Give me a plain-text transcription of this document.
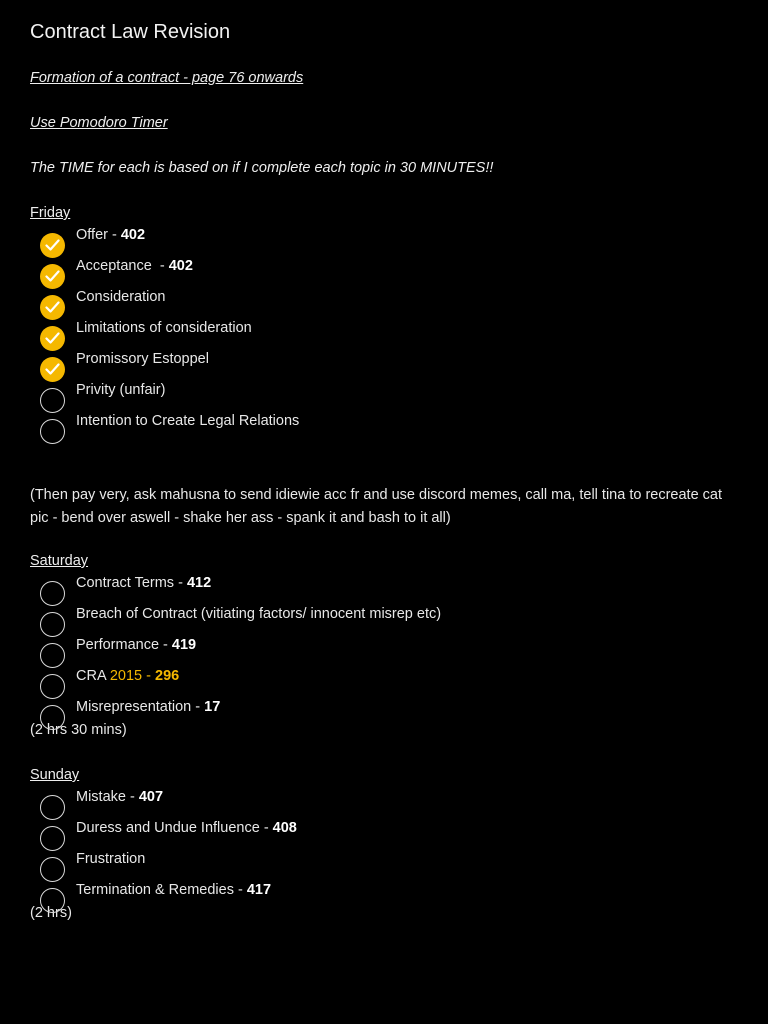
Contract Law Revision
Formation of a contract - page 76 onwards
Use Pomodoro Timer
The TIME for each is based on if I complete each topic in 30 MINUTES!!
Friday
Offer - 402
Acceptance  - 402
Consideration
Limitations of consideration
Promissory Estoppel
Privity (unfair)
Intention to Create Legal Relations
(Then pay very, ask mahusna to send idiewie acc fr and use discord memes, call ma, tell tina to recreate cat pic - bend over aswell - shake her ass - spank it and bash to it all)
Saturday
Contract Terms - 412
Breach of Contract (vitiating factors/ innocent misrep etc)
Performance - 419
CRA 2015 - 296
Misrepresentation - 17
(2 hrs 30 mins)
Sunday
Mistake - 407
Duress and Undue Influence - 408
Frustration
Termination & Remedies - 417
(2 hrs)
